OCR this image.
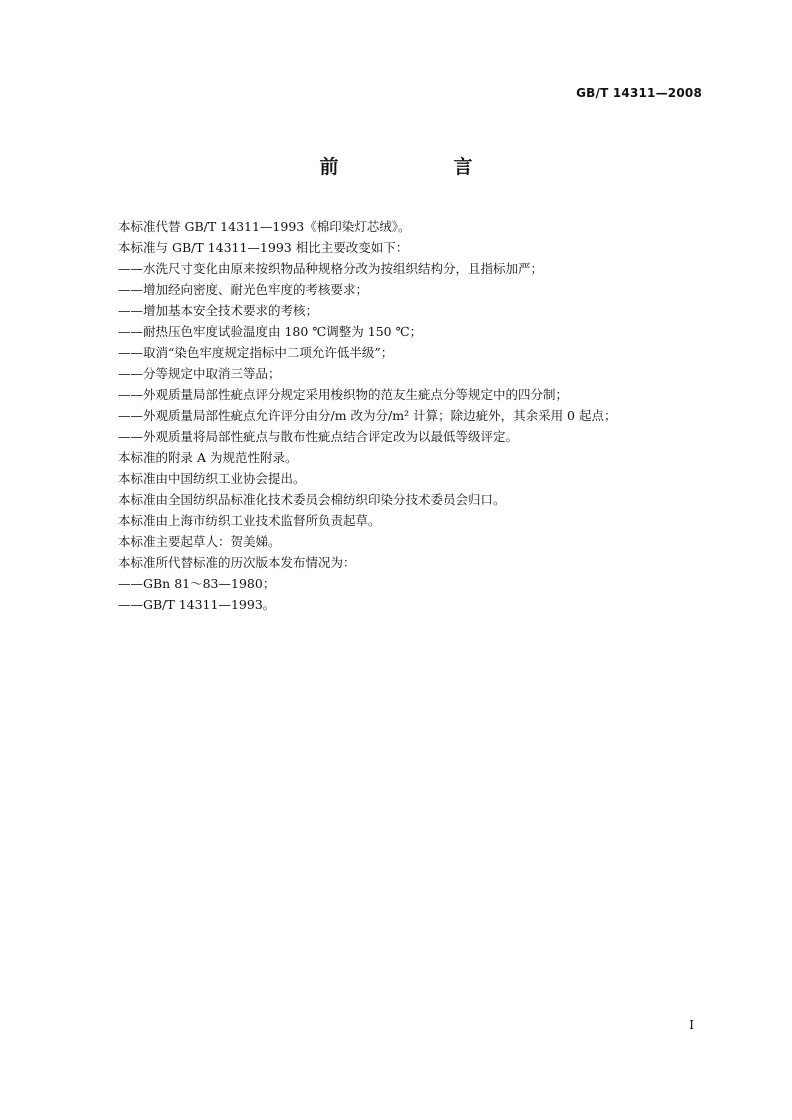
GB/T 14311—2008
前　言
本标准代替 GB/T 14311—1993《棉印染灯芯绒》。
本标准与 GB/T 14311—1993 相比主要改变如下：
——水洗尺寸变化由原来按织物品种规格分改为按组织结构分，且指标加严；
——增加经向密度、耐光色牢度的考核要求；
——增加基本安全技术要求的考核；
——耐热压色牢度试验温度由 180 ℃调整为 150 ℃；
——取消“染色牢度规定指标中二项允许低半级”；
——分等规定中取消三等品；
——外观质量局部性疵点评分规定采用梭织物的范友生疵点分等规定中的四分制；
——外观质量局部性疵点允许评分由分/m 改为分/m² 计算；除边疵外，其余采用 0 起点；
——外观质量将局部性疵点与散布性疵点结合评定改为以最低等级评定。
本标准的附录 A 为规范性附录。
本标准由中国纺织工业协会提出。
本标准由全国纺织品标准化技术委员会棉纺织印染分技术委员会归口。
本标准由上海市纺织工业技术监督所负责起草。
本标准主要起草人：贺美娣。
本标准所代替标准的历次版本发布情况为：
——GBn 81～83—1980；
——GB/T 14311—1993。
I
